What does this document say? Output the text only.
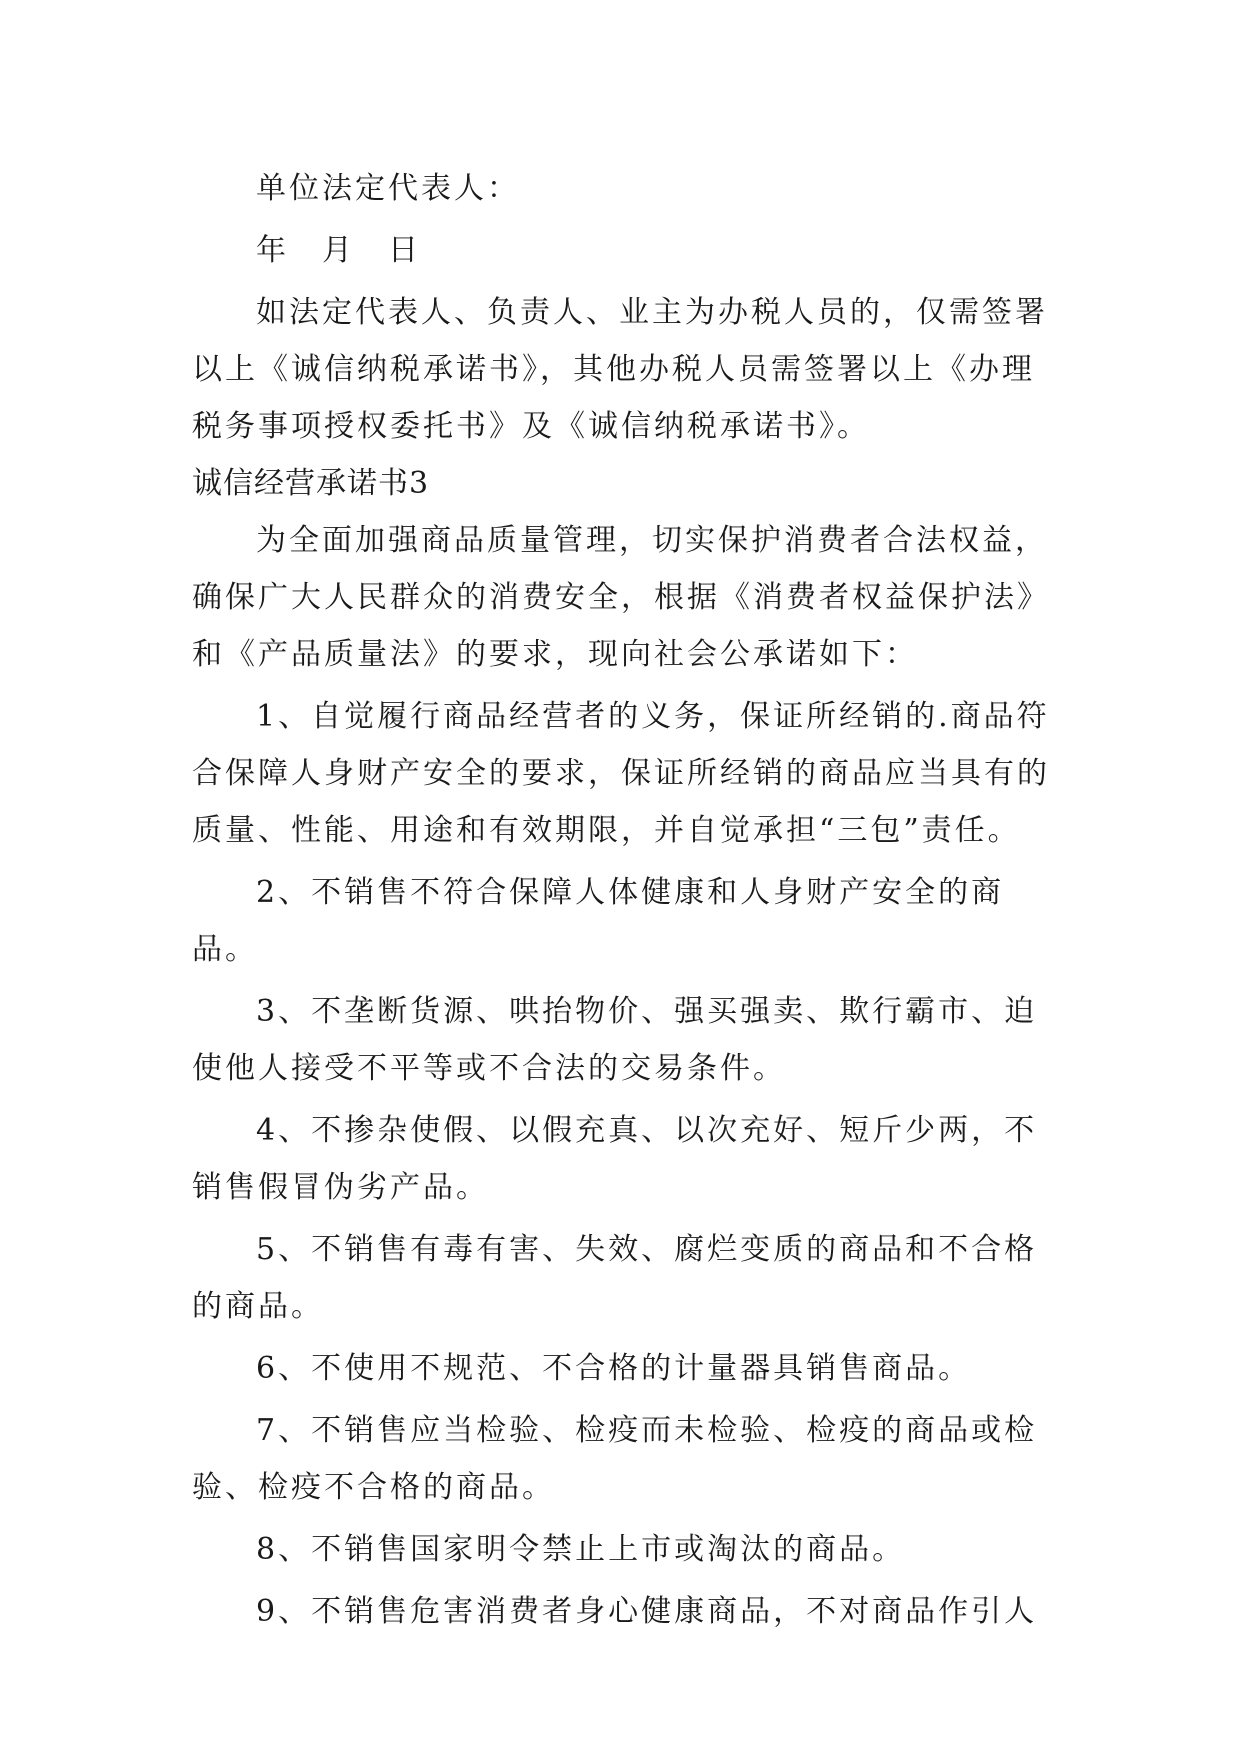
单位法定代表人：

年　月　日

如法定代表人、负责人、业主为办税人员的，仅需签署以上《诚信纳税承诺书》，其他办税人员需签署以上《办理税务事项授权委托书》及《诚信纳税承诺书》。

诚信经营承诺书3

为全面加强商品质量管理，切实保护消费者合法权益，确保广大人民群众的消费安全，根据《消费者权益保护法》和《产品质量法》的要求，现向社会公承诺如下：

1、自觉履行商品经营者的义务，保证所经销的.商品符合保障人身财产安全的要求，保证所经销的商品应当具有的质量、性能、用途和有效期限，并自觉承担“三包”责任。

2、不销售不符合保障人体健康和人身财产安全的商品。

3、不垄断货源、哄抬物价、强买强卖、欺行霸市、迫使他人接受不平等或不合法的交易条件。

4、不掺杂使假、以假充真、以次充好、短斤少两，不销售假冒伪劣产品。

5、不销售有毒有害、失效、腐烂变质的商品和不合格的商品。

6、不使用不规范、不合格的计量器具销售商品。

7、不销售应当检验、检疫而未检验、检疫的商品或检验、检疫不合格的商品。

8、不销售国家明令禁止上市或淘汰的商品。

9、不销售危害消费者身心健康商品，不对商品作引人
